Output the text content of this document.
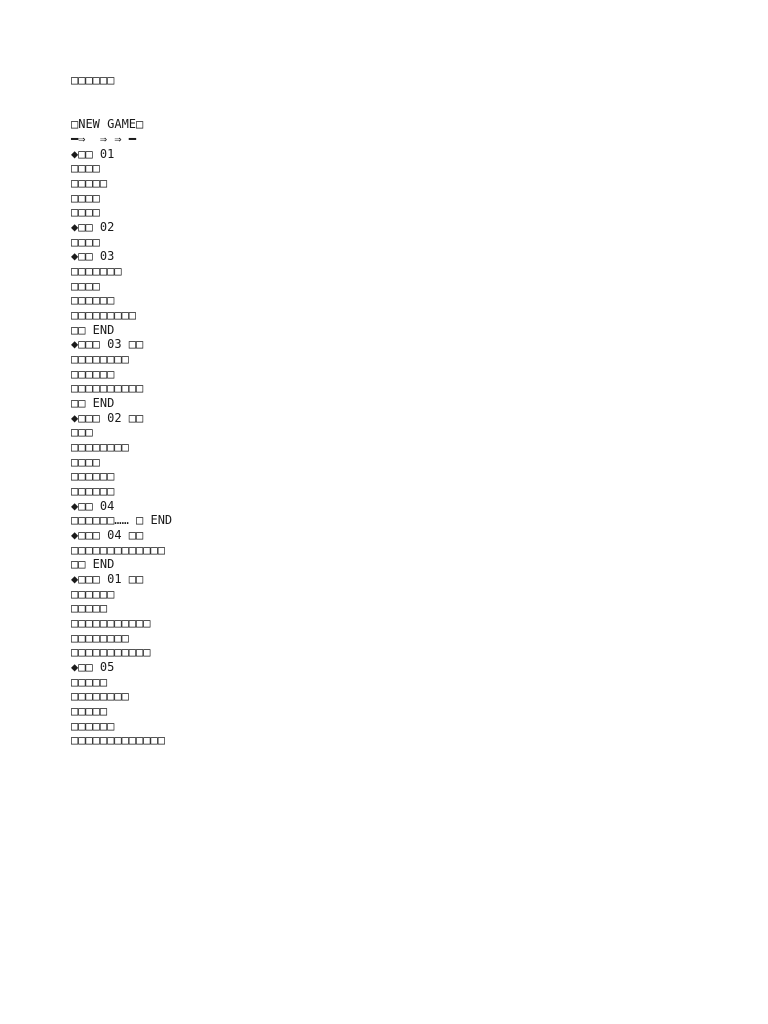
□□□□□□
□NEW GAME□
━⇒  ⇒ ⇒ ━
◆□□ 01
□□□□
□□□□□
□□□□
□□□□
◆□□ 02
□□□□
◆□□ 03
□□□□□□□
□□□□
□□□□□□
□□□□□□□□□
□□ END
◆□□□ 03 □□
□□□□□□□□
□□□□□□
□□□□□□□□□□
□□ END
◆□□□ 02 □□
□□□
□□□□□□□□
□□□□
□□□□□□
□□□□□□
◆□□ 04
□□□□□□…… □ END
◆□□□ 04 □□
□□□□□□□□□□□□□
□□ END
◆□□□ 01 □□
□□□□□□
□□□□□
□□□□□□□□□□□
□□□□□□□□
□□□□□□□□□□□
◆□□ 05
□□□□□
□□□□□□□□
□□□□□
□□□□□□
□□□□□□□□□□□□□
